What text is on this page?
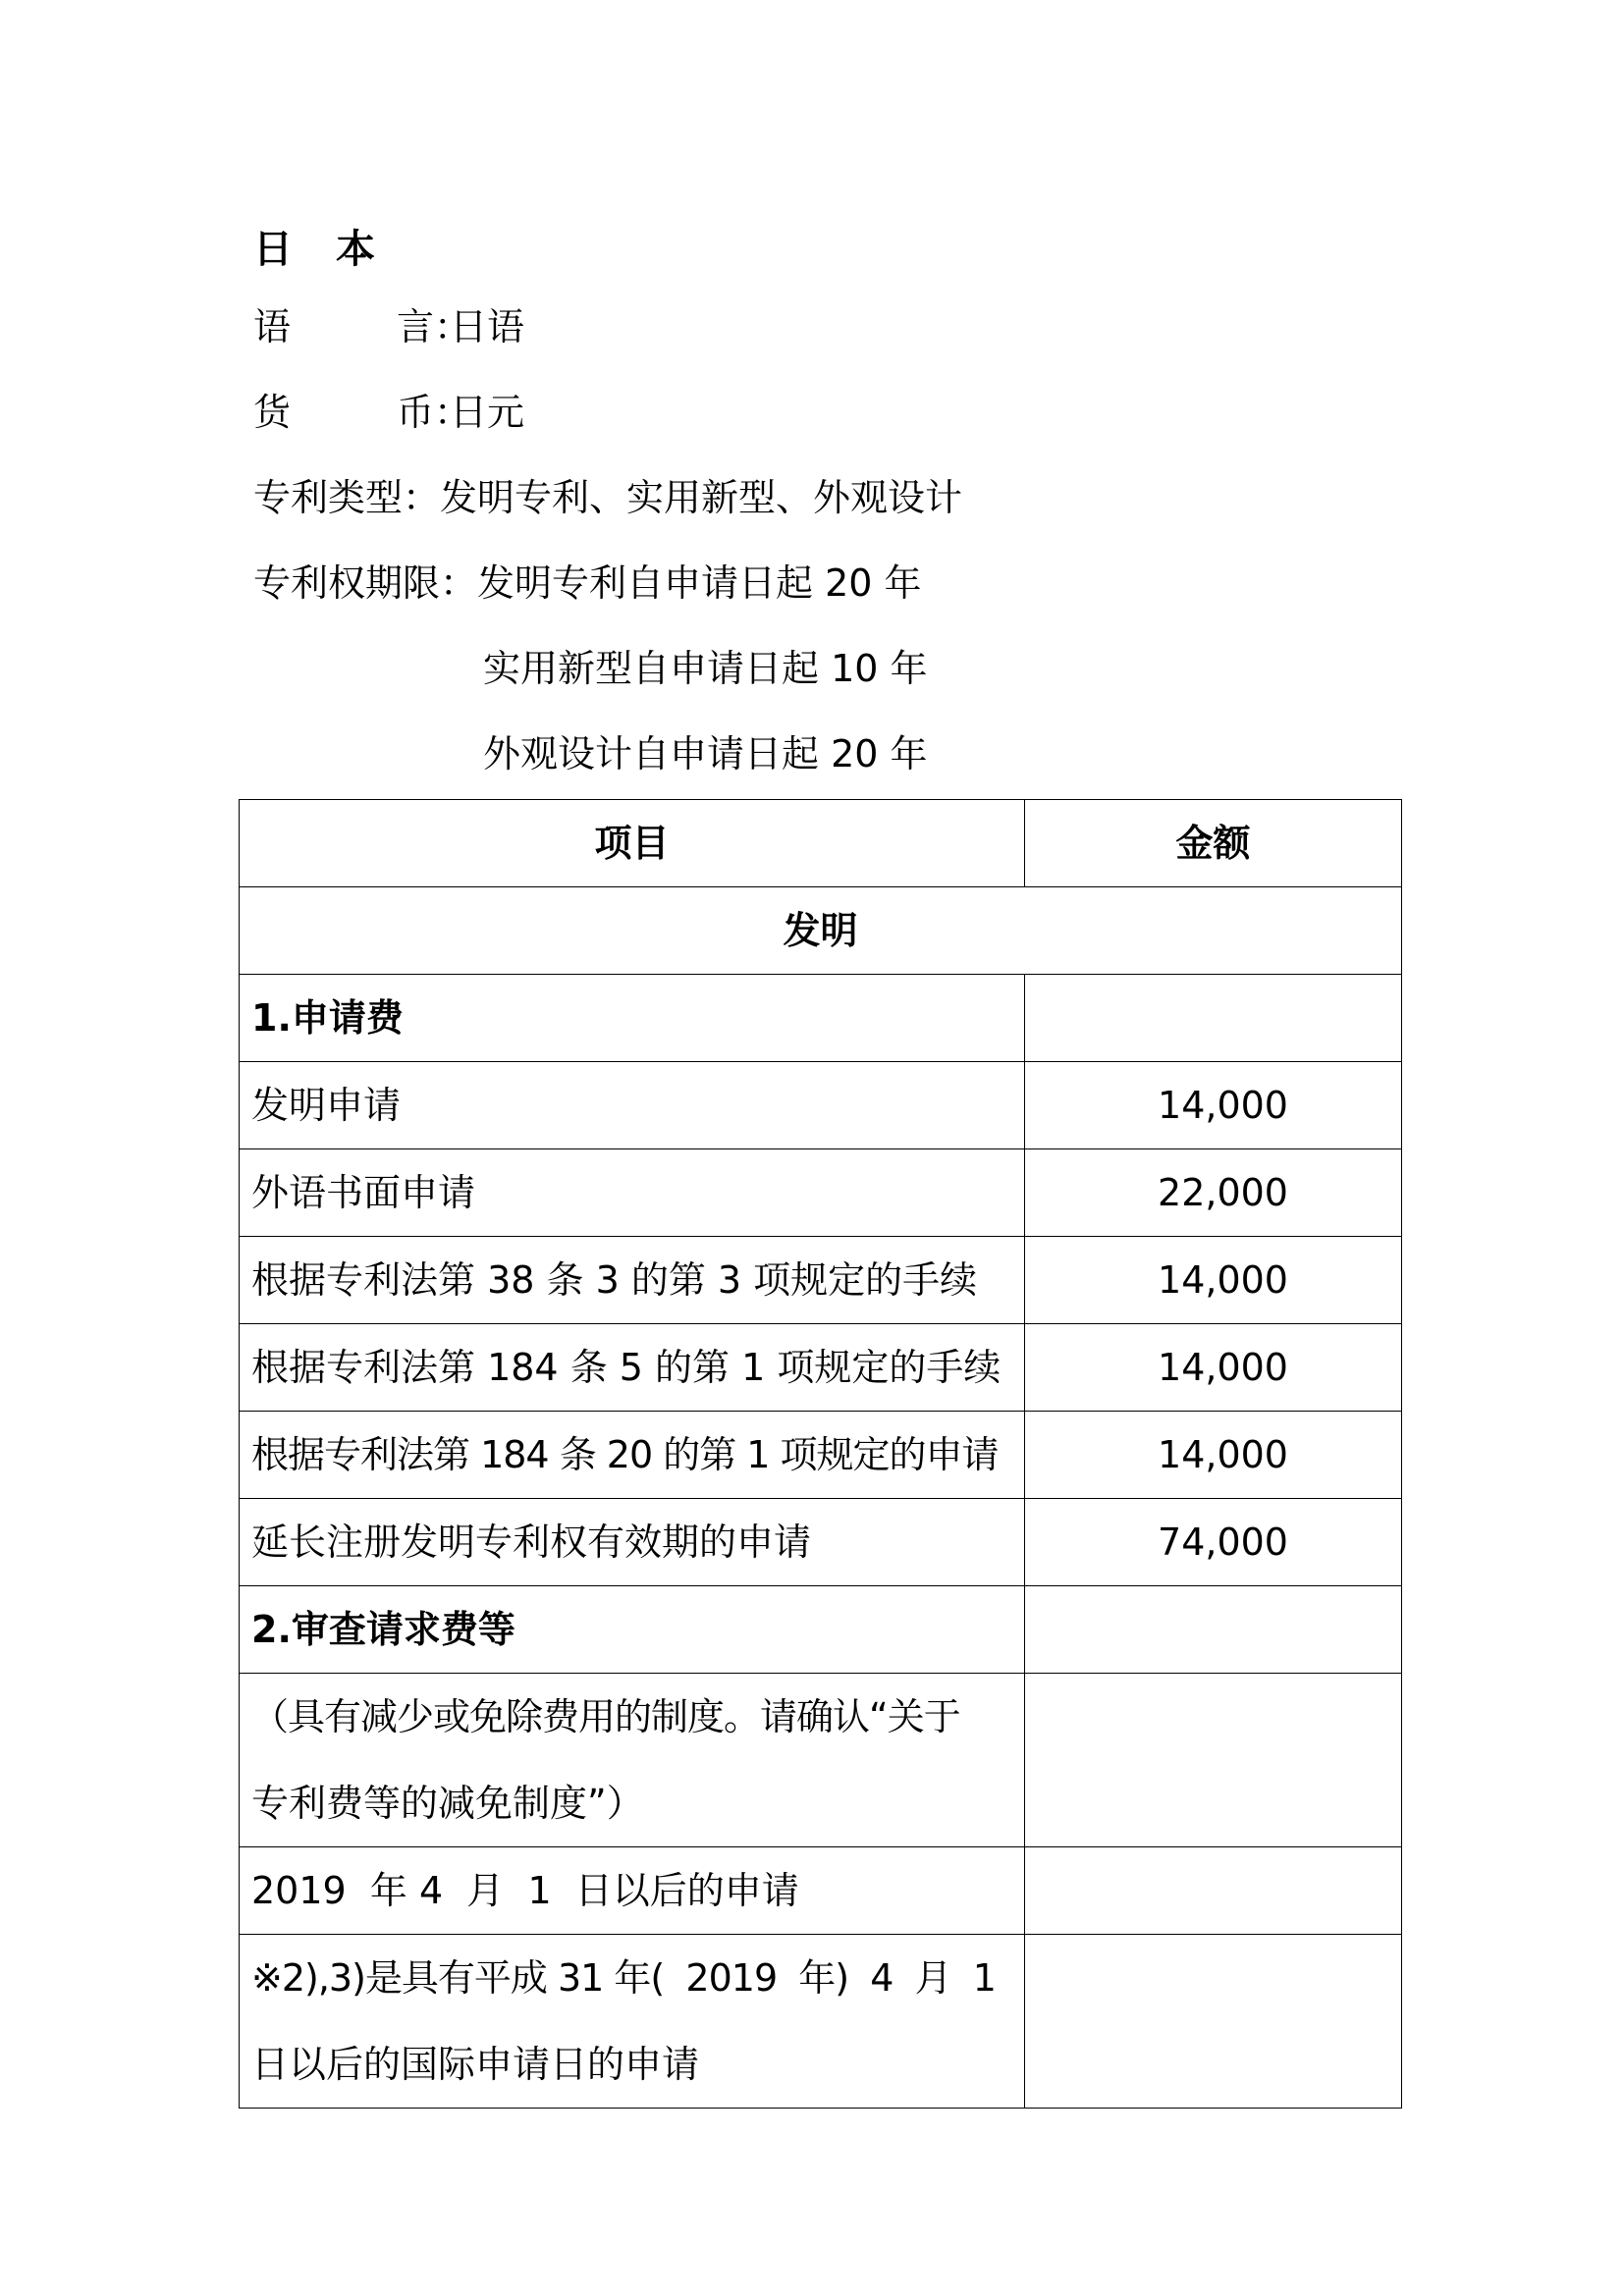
日　本
语	言：日语
货	币：日元
专利类型：发明专利、实用新型、外观设计
专利权期限：发明专利自申请日起 20 年
实用新型自申请日起 10 年
外观设计自申请日起 20 年
项目	金额
发明	
1.申请费	
发明申请	14,000
外语书面申请	22,000
根据专利法第 38 条 3 的第 3 项规定的手续	14,000
根据专利法第 184 条 5 的第 1 项规定的手续	14,000
根据专利法第 184 条 20 的第 1 项规定的申请	14,000
延长注册发明专利权有效期的申请	74,000
2.审查请求费等	

（具有减少或免除费用的制度。请确认“关于
专利费等的减免制度”）	

2019  年 4  月  1  日以后的申请	

※2),3)是具有平成 31 年(  2019  年)  4  月  1
日以后的国际申请日的申请	
